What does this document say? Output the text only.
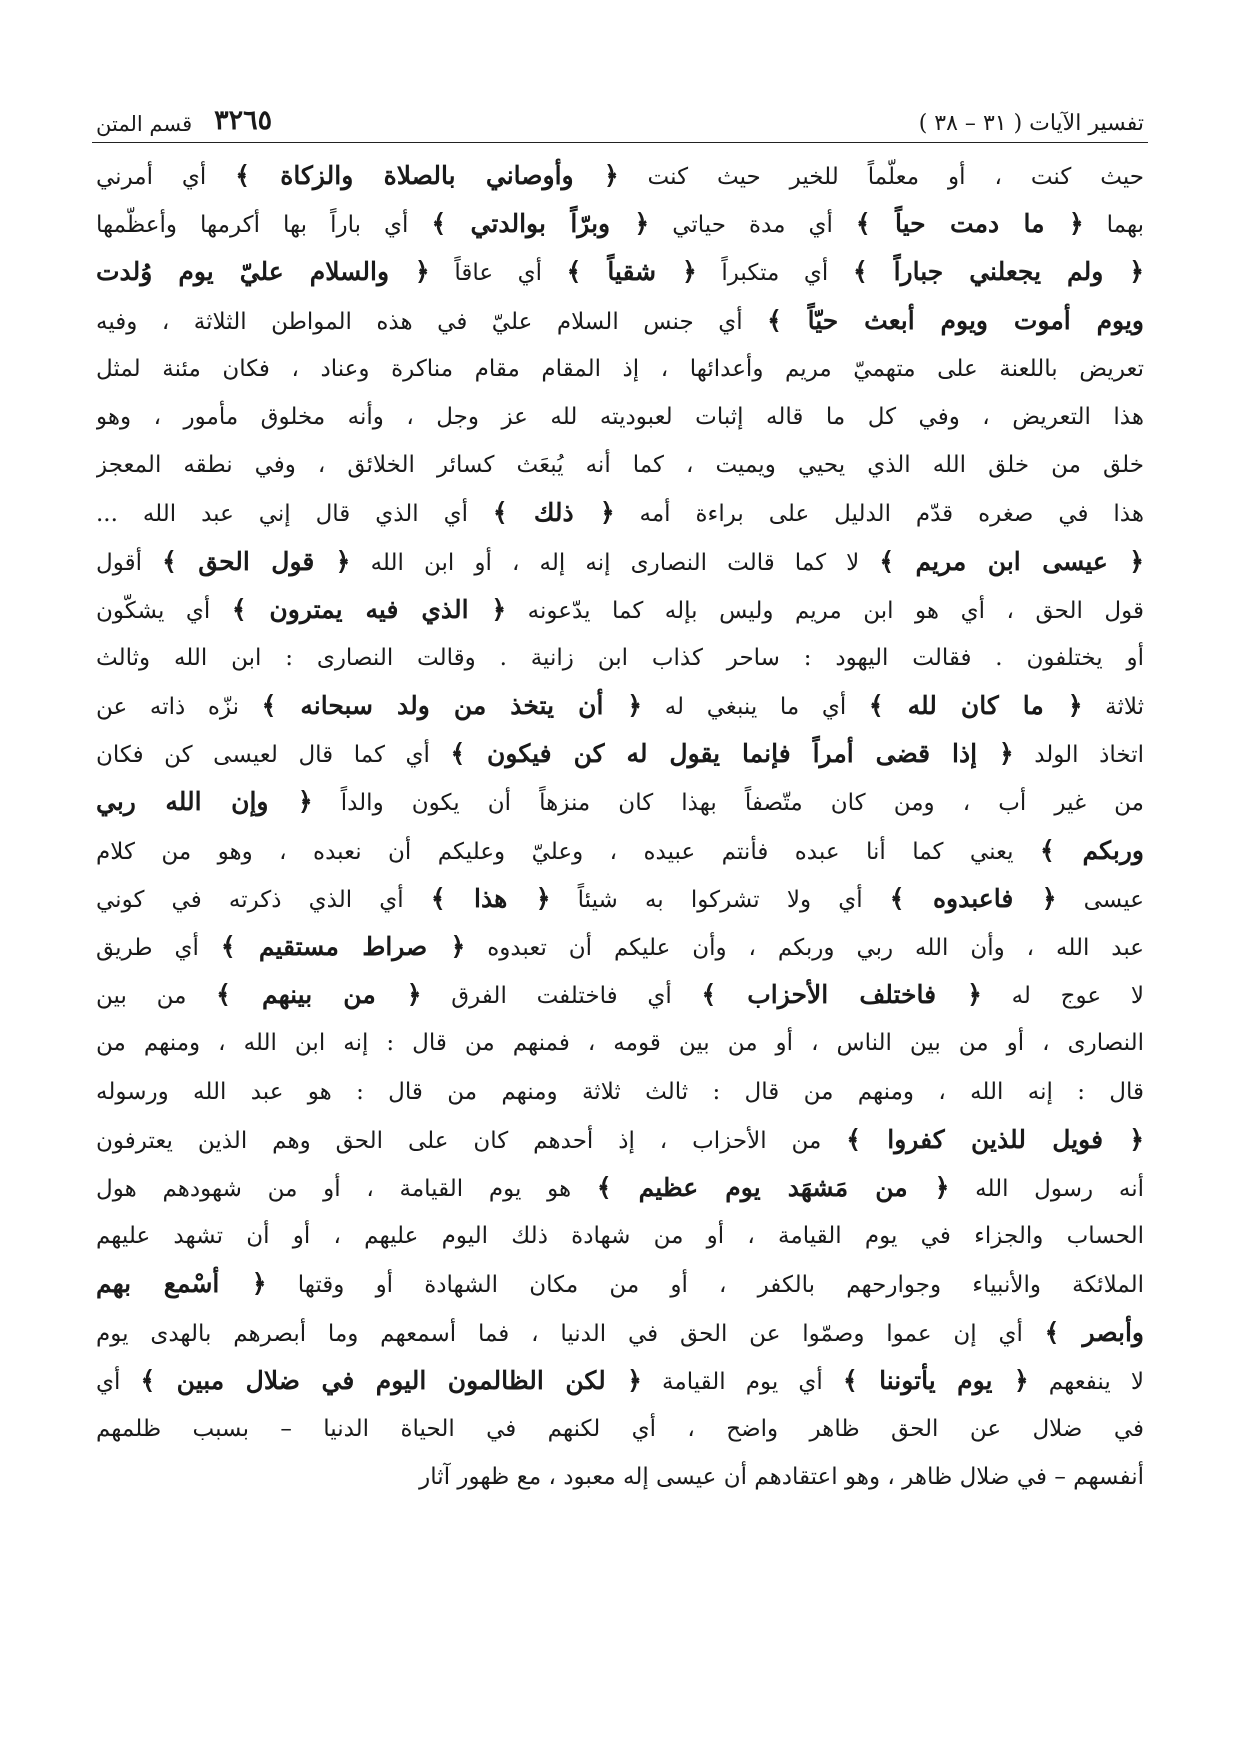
٣٢٦٥
قسم المتن	تفسير الآيات ( ٣١ – ٣٨ )
حيث كنت ، أو معلّماً للخير حيث كنت ﴿ وأوصاني بالصلاة والزكاة ﴾ أي أمرني
بهما ﴿ ما دمت حياً ﴾ أي مدة حياتي ﴿ وبرّاً بوالدتي ﴾ أي باراً بها أكرمها وأعظّمها
﴿ ولم يجعلني جباراً ﴾ أي متكبراً ﴿ شقياً ﴾ أي عاقاً ﴿ والسلام عليّ يوم وُلدت
ويوم أموت ويوم أبعث حيّاً ﴾ أي جنس السلام عليّ في هذه المواطن الثلاثة ، وفيه
تعريض باللعنة على متهميّ مريم وأعدائها ، إذ المقام مقام مناكرة وعناد ، فكان مئنة لمثل
هذا التعريض ، وفي كل ما قاله إثبات لعبوديته لله عز وجل ، وأنه مخلوق مأمور ، وهو
خلق من خلق الله الذي يحيي ويميت ، كما أنه يُبعَث كسائر الخلائق ، وفي نطقه المعجز
هذا في صغره قدّم الدليل على براءة أمه ﴿ ذلك ﴾ أي الذي قال إني عبد الله ...
﴿ عيسى ابن مريم ﴾ لا كما قالت النصارى إنه إله ، أو ابن الله ﴿ قول الحق ﴾ أقول
قول الحق ، أي هو ابن مريم وليس بإله كما يدّعونه ﴿ الذي فيه يمترون ﴾ أي يشكّون
أو يختلفون . فقالت اليهود : ساحر كذاب ابن زانية . وقالت النصارى : ابن الله وثالث
ثلاثة ﴿ ما كان لله ﴾ أي ما ينبغي له ﴿ أن يتخذ من ولد سبحانه ﴾ نزّه ذاته عن
اتخاذ الولد ﴿ إذا قضى أمراً فإنما يقول له كن فيكون ﴾ أي كما قال لعيسى كن فكان
من غير أب ، ومن كان متّصفاً بهذا كان منزهاً أن يكون والداً ﴿ وإن الله ربي
وربكم ﴾ يعني كما أنا عبده فأنتم عبيده ، وعليّ وعليكم أن نعبده ، وهو من كلام
عيسى ﴿ فاعبدوه ﴾ أي ولا تشركوا به شيئاً ﴿ هذا ﴾ أي الذي ذكرته في كوني
عبد الله ، وأن الله ربي وربكم ، وأن عليكم أن تعبدوه ﴿ صراط مستقيم ﴾ أي طريق
لا عوج له ﴿ فاختلف الأحزاب ﴾ أي فاختلفت الفرق ﴿ من بينهم ﴾ من بين
النصارى ، أو من بين الناس ، أو من بين قومه ، فمنهم من قال : إنه ابن الله ، ومنهم من
قال : إنه الله ، ومنهم من قال : ثالث ثلاثة ومنهم من قال : هو عبد الله ورسوله
﴿ فويل للذين كفروا ﴾ من الأحزاب ، إذ أحدهم كان على الحق وهم الذين يعترفون
أنه رسول الله ﴿ من مَشهَد يوم عظيم ﴾ هو يوم القيامة ، أو من شهودهم هول
الحساب والجزاء في يوم القيامة ، أو من شهادة ذلك اليوم عليهم ، أو أن تشهد عليهم
الملائكة والأنبياء وجوارحهم بالكفر ، أو من مكان الشهادة أو وقتها ﴿ أسْمع بهم
وأبصر ﴾ أي إن عموا وصمّوا عن الحق في الدنيا ، فما أسمعهم وما أبصرهم بالهدى يوم
لا ينفعهم ﴿ يوم يأتوننا ﴾ أي يوم القيامة ﴿ لكن الظالمون اليوم في ضلال مبين ﴾ أي
في ضلال عن الحق ظاهر واضح ، أي لكنهم في الحياة الدنيا – بسبب ظلمهم
أنفسهم – في ضلال ظاهر ، وهو اعتقادهم أن عيسى إله معبود ، مع ظهور آثار
